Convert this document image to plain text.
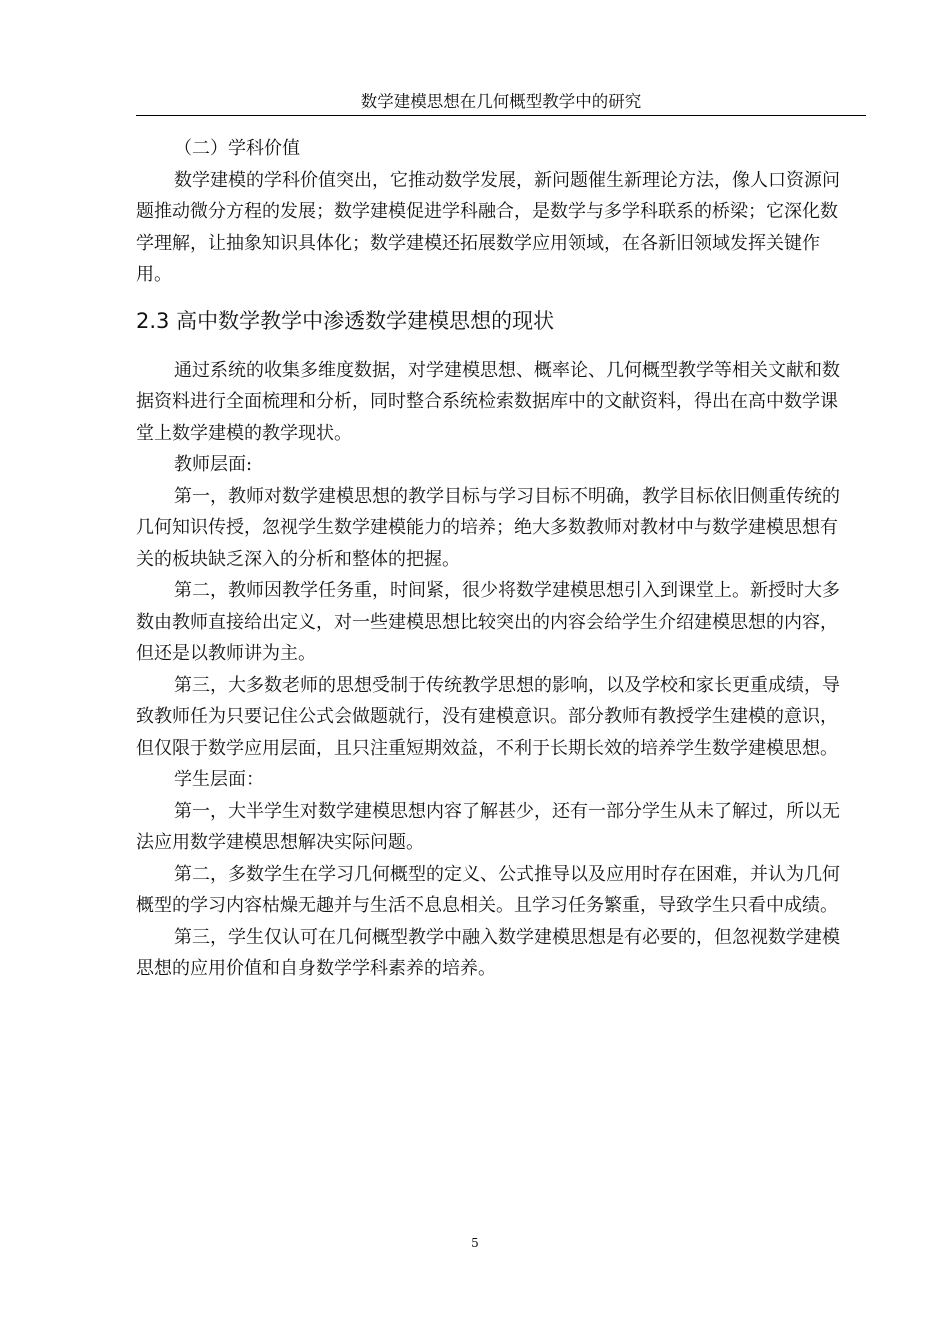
数学建模思想在几何概型教学中的研究

（二）学科价值

数学建模的学科价值突出，它推动数学发展，新问题催生新理论方法，像人口资源问题推动微分方程的发展；数学建模促进学科融合，是数学与多学科联系的桥梁；它深化数学理解，让抽象知识具体化；数学建模还拓展数学应用领域，在各新旧领域发挥关键作用。

2.3 高中数学教学中渗透数学建模思想的现状

通过系统的收集多维度数据，对学建模思想、概率论、几何概型教学等相关文献和数据资料进行全面梳理和分析，同时整合系统检索数据库中的文献资料，得出在高中数学课堂上数学建模的教学现状。

教师层面:

第一，教师对数学建模思想的教学目标与学习目标不明确，教学目标依旧侧重传统的几何知识传授，忽视学生数学建模能力的培养；绝大多数教师对教材中与数学建模思想有关的板块缺乏深入的分析和整体的把握。

第二，教师因教学任务重，时间紧，很少将数学建模思想引入到课堂上。新授时大多数由教师直接给出定义，对一些建模思想比较突出的内容会给学生介绍建模思想的内容，但还是以教师讲为主。

第三，大多数老师的思想受制于传统教学思想的影响，以及学校和家长更重成绩，导致教师任为只要记住公式会做题就行，没有建模意识。部分教师有教授学生建模的意识，但仅限于数学应用层面，且只注重短期效益，不利于长期长效的培养学生数学建模思想。

学生层面：

第一，大半学生对数学建模思想内容了解甚少，还有一部分学生从未了解过，所以无法应用数学建模思想解决实际问题。

第二，多数学生在学习几何概型的定义、公式推导以及应用时存在困难，并认为几何概型的学习内容枯燥无趣并与生活不息息相关。且学习任务繁重，导致学生只看中成绩。

第三，学生仅认可在几何概型教学中融入数学建模思想是有必要的，但忽视数学建模思想的应用价值和自身数学学科素养的培养。

5
